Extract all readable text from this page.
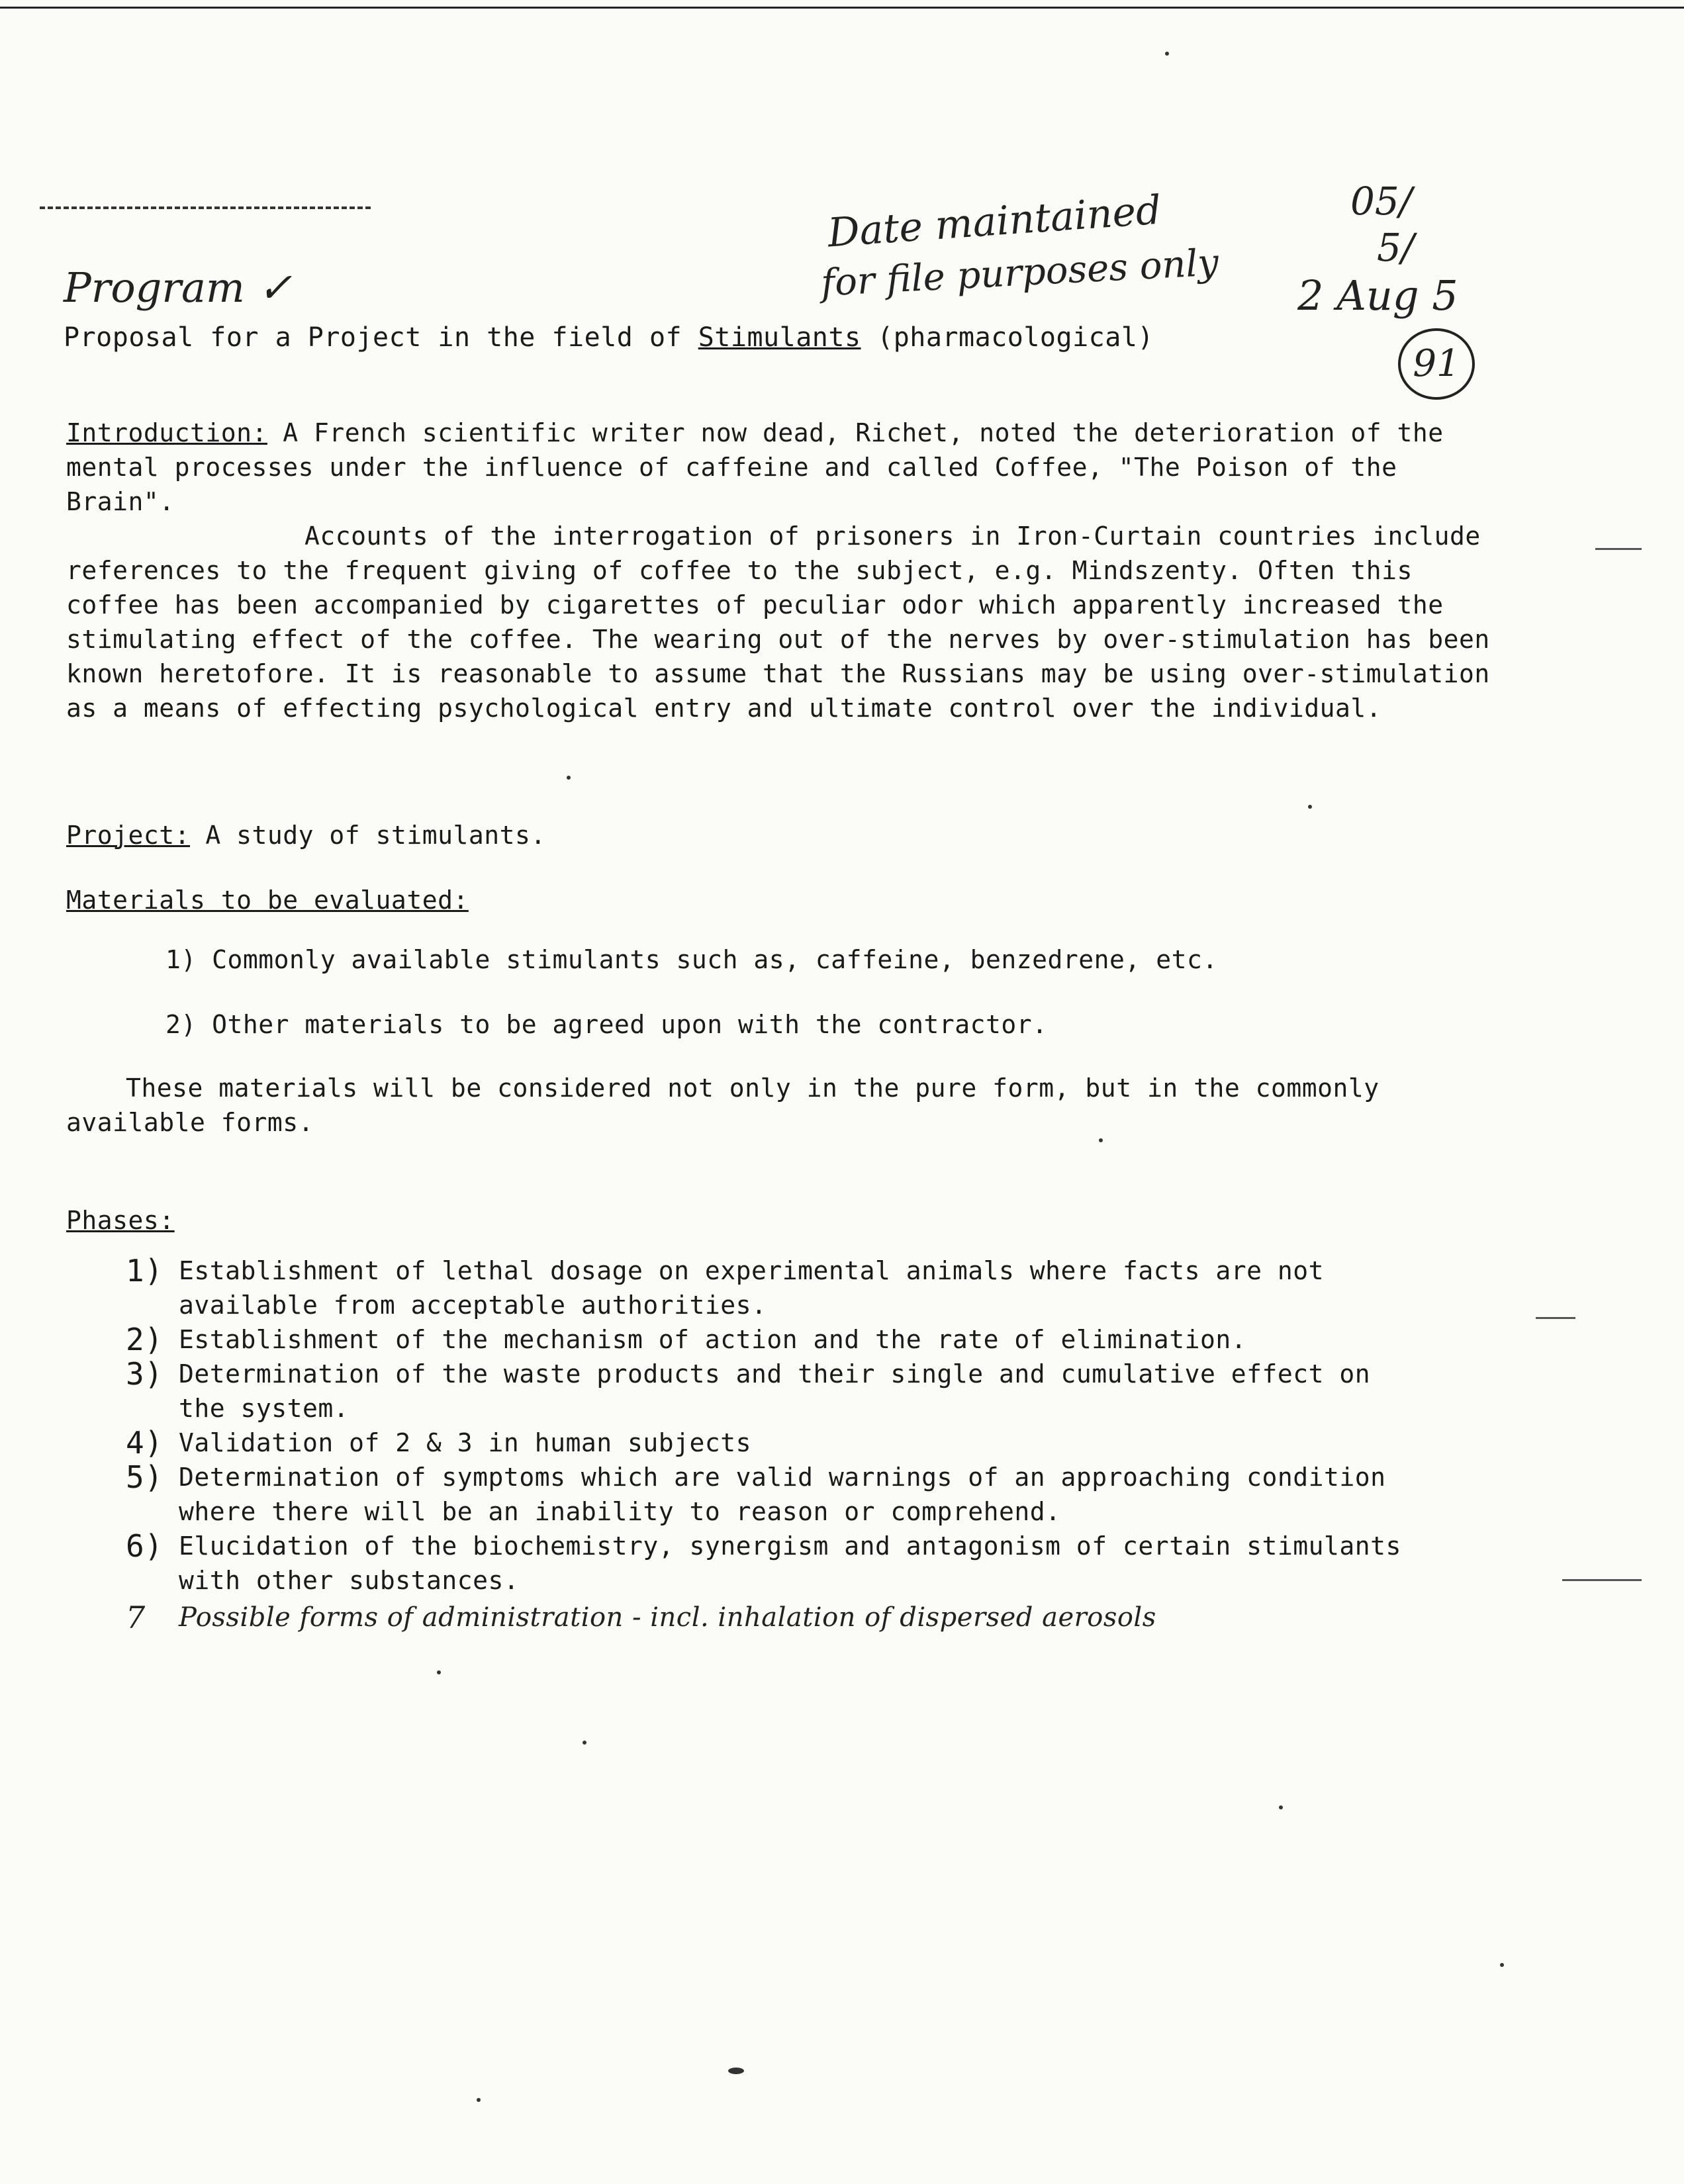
Program ✓
Date maintained
for file purposes only
05/
5/
2 Aug 5
91
Proposal for a Project in the field of Stimulants (pharmacological)

Introduction: A French scientific writer now dead, Richet, noted the deterioration of the mental processes under the influence of caffeine and called Coffee, "The Poison of the Brain".

Accounts of the interrogation of prisoners in Iron-Curtain countries include references to the frequent giving of coffee to the subject, e.g. Mindszenty. Often this coffee has been accompanied by cigarettes of peculiar odor which apparently increased the stimulating effect of the coffee. The wearing out of the nerves by over-stimulation has been known heretofore. It is reasonable to assume that the Russians may be using over-stimulation as a means of effecting psychological entry and ultimate control over the individual.

Project: A study of stimulants.
Materials to be evaluated:
1) Commonly available stimulants such as, caffeine, benzedrene, etc.
2) Other materials to be agreed upon with the contractor.

These materials will be considered not only in the pure form, but in the commonly available forms.

Phases:
1) Establishment of lethal dosage on experimental animals where facts are not available from acceptable authorities.
2) Establishment of the mechanism of action and the rate of elimination.
3) Determination of the waste products and their single and cumulative effect on the system.
4) Validation of 2 & 3 in human subjects
5) Determination of symptoms which are valid warnings of an approaching condition where there will be an inability to reason or comprehend.
6) Elucidation of the biochemistry, synergism and antagonism of certain stimulants with other substances.
7	Possible forms of administration - incl. inhalation of dispersed aerosols
